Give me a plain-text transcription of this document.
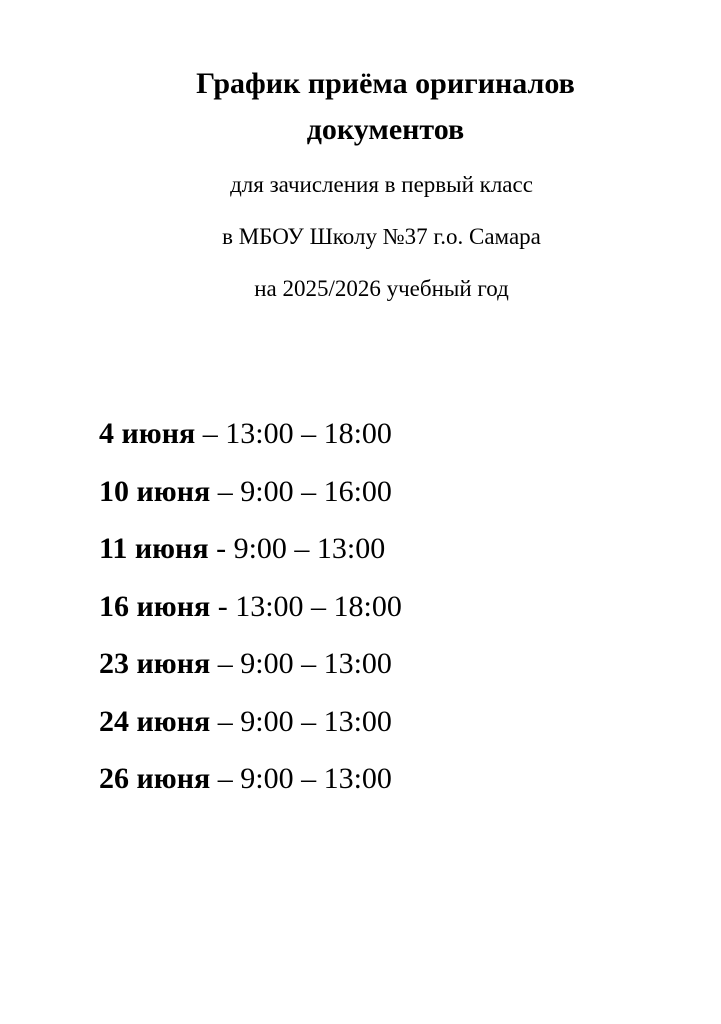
График приёма оригиналов
документов
для зачисления в первый класс
в МБОУ Школу №37 г.о. Самара
на 2025/2026 учебный год
4 июня – 13:00 – 18:00
10 июня – 9:00 – 16:00
11 июня - 9:00 – 13:00
16 июня - 13:00 – 18:00
23 июня – 9:00 – 13:00
24 июня – 9:00 – 13:00
26 июня – 9:00 – 13:00
